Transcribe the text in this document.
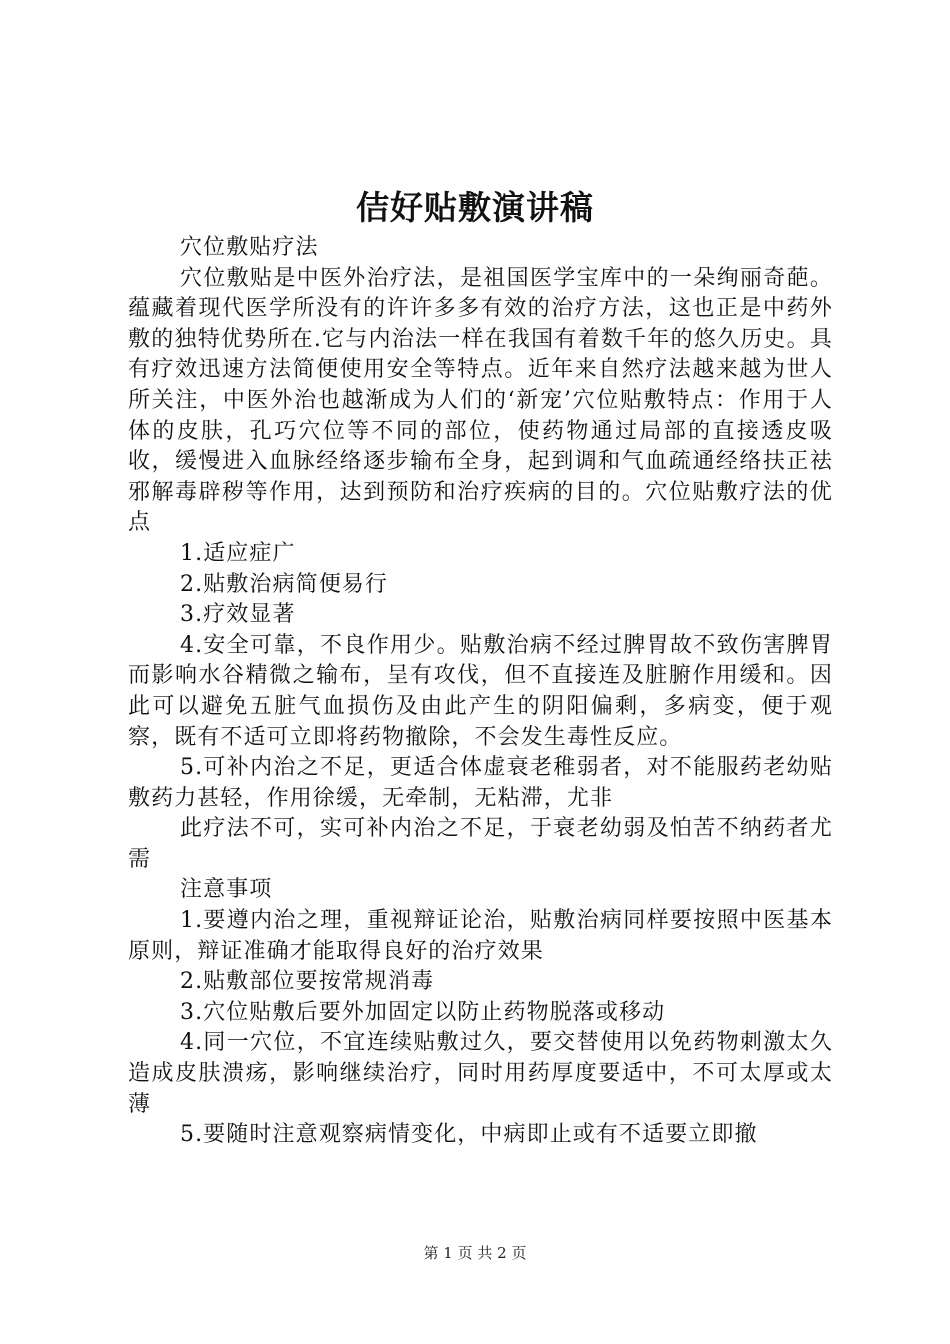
佶好贴敷演讲稿

穴位敷贴疗法

穴位敷贴是中医外治疗法，是祖国医学宝库中的一朵绚丽奇葩。蕴藏着现代医学所没有的许许多多有效的治疗方法，这也正是中药外敷的独特优势所在.它与内治法一样在我国有着数千年的悠久历史。具有疗效迅速方法简便使用安全等特点。近年来自然疗法越来越为世人所关注，中医外治也越渐成为人们的‘新宠’穴位贴敷特点：作用于人体的皮肤，孔巧穴位等不同的部位，使药物通过局部的直接透皮吸收，缓慢进入血脉经络逐步输布全身，起到调和气血疏通经络扶正祛邪解毒辟秽等作用，达到预防和治疗疾病的目的。穴位贴敷疗法的优点

1.适应症广

2.贴敷治病简便易行

3.疗效显著

4.安全可靠，不良作用少。贴敷治病不经过脾胃故不致伤害脾胃而影响水谷精微之输布，呈有攻伐，但不直接连及脏腑作用缓和。因此可以避免五脏气血损伤及由此产生的阴阳偏剩，多病变，便于观察，既有不适可立即将药物撤除，不会发生毒性反应。

5.可补内治之不足，更适合体虚衰老稚弱者，对不能服药老幼贴敷药力甚轻，作用徐缓，无牵制，无粘滞，尤非

此疗法不可，实可补内治之不足，于衰老幼弱及怕苦不纳药者尤需

注意事项

1.要遵内治之理，重视辩证论治，贴敷治病同样要按照中医基本原则，辩证准确才能取得良好的治疗效果

2.贴敷部位要按常规消毒

3.穴位贴敷后要外加固定以防止药物脱落或移动

4.同一穴位，不宜连续贴敷过久，要交替使用以免药物刺激太久造成皮肤溃疡，影响继续治疗，同时用药厚度要适中，不可太厚或太薄

5.要随时注意观察病情变化，中病即止或有不适要立即撤

第 1 页 共 2 页
